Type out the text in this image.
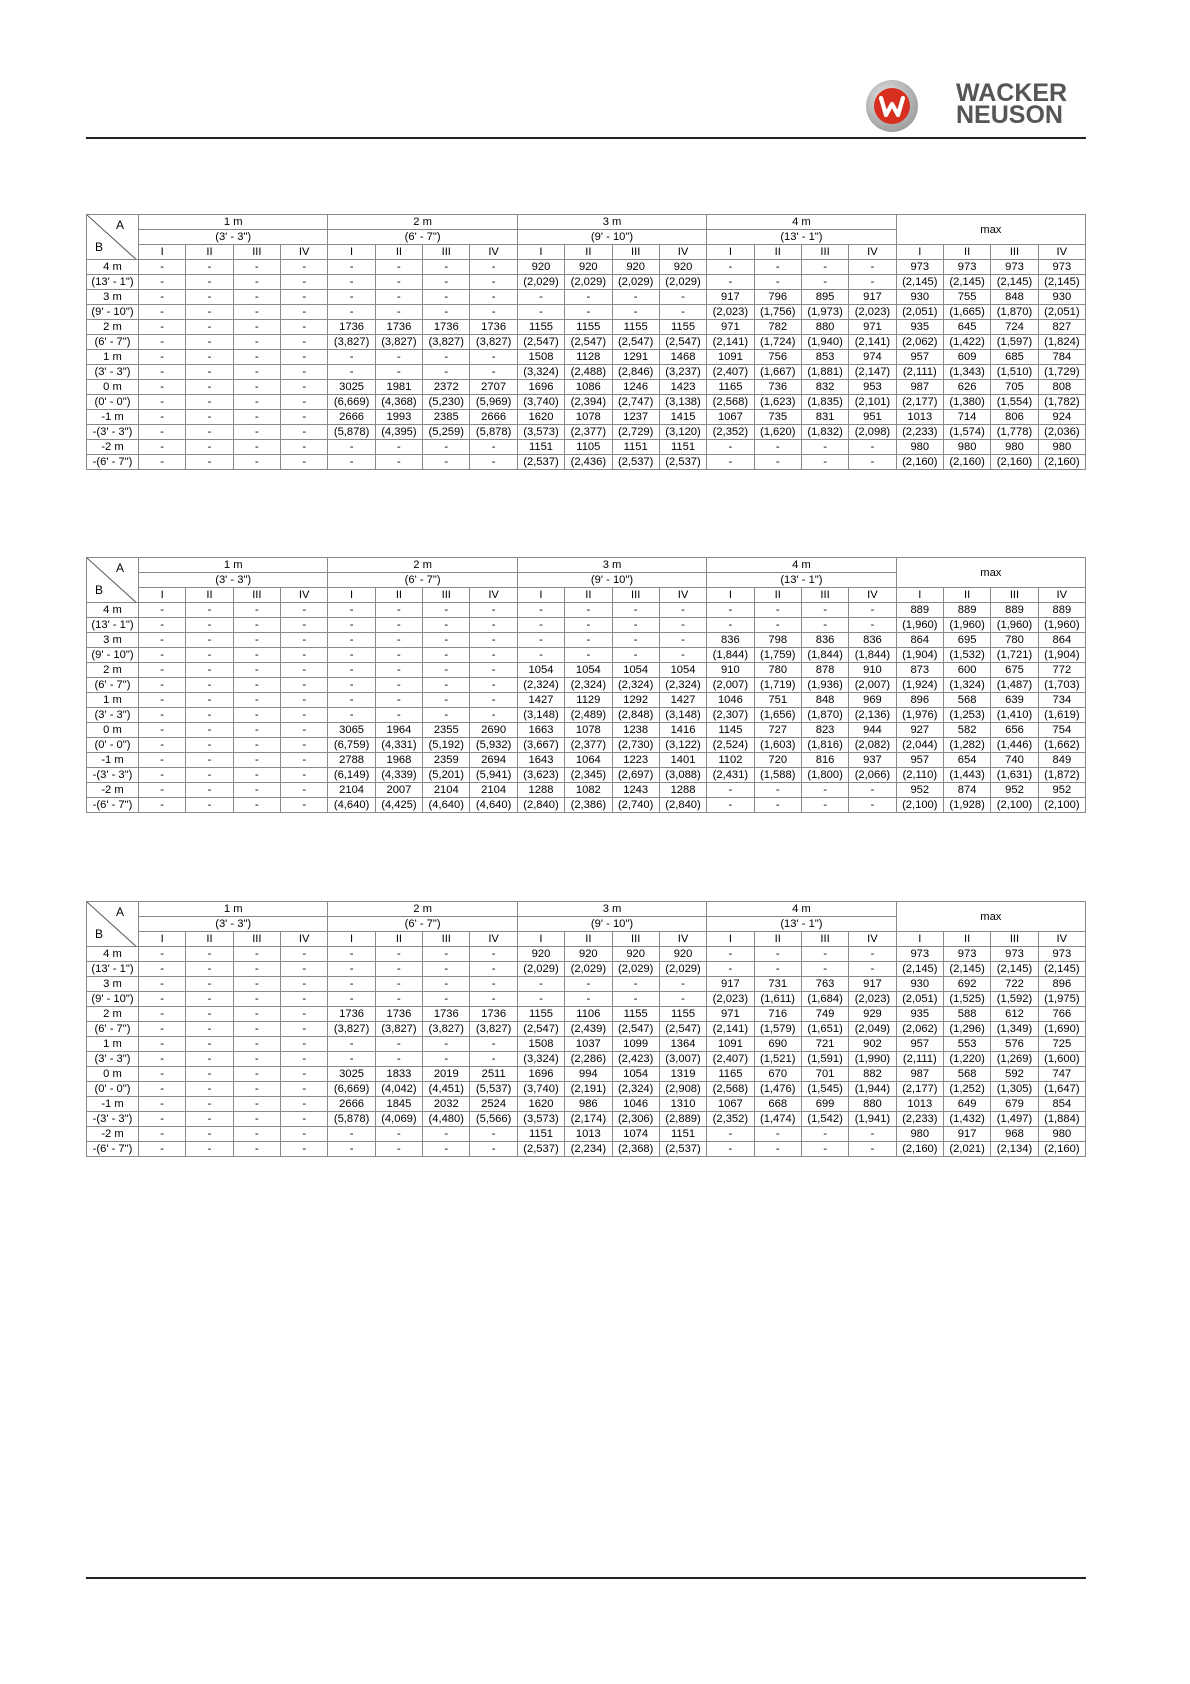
WACKER
NEUSON
A
B	1 m				2 m				3 m				4 m				max			
	(3' - 3")				(6' - 7")				(9' - 10")				(13' - 1")							
	I	II	III	IV	I	II	III	IV	I	II	III	IV	I	II	III	IV	I	II	III	IV
4 m	-	-	-	-	-	-	-	-	920	920	920	920	-	-	-	-	973	973	973	973
(13' - 1")	-	-	-	-	-	-	-	-	(2,029)	(2,029)	(2,029)	(2,029)	-	-	-	-	(2,145)	(2,145)	(2,145)	(2,145)
3 m	-	-	-	-	-	-	-	-	-	-	-	-	917	796	895	917	930	755	848	930
(9' - 10")	-	-	-	-	-	-	-	-	-	-	-	-	(2,023)	(1,756)	(1,973)	(2,023)	(2,051)	(1,665)	(1,870)	(2,051)
2 m	-	-	-	-	1736	1736	1736	1736	1155	1155	1155	1155	971	782	880	971	935	645	724	827
(6' - 7")	-	-	-	-	(3,827)	(3,827)	(3,827)	(3,827)	(2,547)	(2,547)	(2,547)	(2,547)	(2,141)	(1,724)	(1,940)	(2,141)	(2,062)	(1,422)	(1,597)	(1,824)
1 m	-	-	-	-	-	-	-	-	1508	1128	1291	1468	1091	756	853	974	957	609	685	784
(3' - 3")	-	-	-	-	-	-	-	-	(3,324)	(2,488)	(2,846)	(3,237)	(2,407)	(1,667)	(1,881)	(2,147)	(2,111)	(1,343)	(1,510)	(1,729)
0 m	-	-	-	-	3025	1981	2372	2707	1696	1086	1246	1423	1165	736	832	953	987	626	705	808
(0' - 0")	-	-	-	-	(6,669)	(4,368)	(5,230)	(5,969)	(3,740)	(2,394)	(2,747)	(3,138)	(2,568)	(1,623)	(1,835)	(2,101)	(2,177)	(1,380)	(1,554)	(1,782)
-1 m	-	-	-	-	2666	1993	2385	2666	1620	1078	1237	1415	1067	735	831	951	1013	714	806	924
-(3' - 3")	-	-	-	-	(5,878)	(4,395)	(5,259)	(5,878)	(3,573)	(2,377)	(2,729)	(3,120)	(2,352)	(1,620)	(1,832)	(2,098)	(2,233)	(1,574)	(1,778)	(2,036)
-2 m	-	-	-	-	-	-	-	-	1151	1105	1151	1151	-	-	-	-	980	980	980	980
-(6' - 7")	-	-	-	-	-	-	-	-	(2,537)	(2,436)	(2,537)	(2,537)	-	-	-	-	(2,160)	(2,160)	(2,160)	(2,160)
A
B	1 m				2 m				3 m				4 m				max			
	(3' - 3")				(6' - 7")				(9' - 10")				(13' - 1")							
	I	II	III	IV	I	II	III	IV	I	II	III	IV	I	II	III	IV	I	II	III	IV
4 m	-	-	-	-	-	-	-	-	-	-	-	-	-	-	-	-	889	889	889	889
(13' - 1")	-	-	-	-	-	-	-	-	-	-	-	-	-	-	-	-	(1,960)	(1,960)	(1,960)	(1,960)
3 m	-	-	-	-	-	-	-	-	-	-	-	-	836	798	836	836	864	695	780	864
(9' - 10")	-	-	-	-	-	-	-	-	-	-	-	-	(1,844)	(1,759)	(1,844)	(1,844)	(1,904)	(1,532)	(1,721)	(1,904)
2 m	-	-	-	-	-	-	-	-	1054	1054	1054	1054	910	780	878	910	873	600	675	772
(6' - 7")	-	-	-	-	-	-	-	-	(2,324)	(2,324)	(2,324)	(2,324)	(2,007)	(1,719)	(1,936)	(2,007)	(1,924)	(1,324)	(1,487)	(1,703)
1 m	-	-	-	-	-	-	-	-	1427	1129	1292	1427	1046	751	848	969	896	568	639	734
(3' - 3")	-	-	-	-	-	-	-	-	(3,148)	(2,489)	(2,848)	(3,148)	(2,307)	(1,656)	(1,870)	(2,136)	(1,976)	(1,253)	(1,410)	(1,619)
0 m	-	-	-	-	3065	1964	2355	2690	1663	1078	1238	1416	1145	727	823	944	927	582	656	754
(0' - 0")	-	-	-	-	(6,759)	(4,331)	(5,192)	(5,932)	(3,667)	(2,377)	(2,730)	(3,122)	(2,524)	(1,603)	(1,816)	(2,082)	(2,044)	(1,282)	(1,446)	(1,662)
-1 m	-	-	-	-	2788	1968	2359	2694	1643	1064	1223	1401	1102	720	816	937	957	654	740	849
-(3' - 3")	-	-	-	-	(6,149)	(4,339)	(5,201)	(5,941)	(3,623)	(2,345)	(2,697)	(3,088)	(2,431)	(1,588)	(1,800)	(2,066)	(2,110)	(1,443)	(1,631)	(1,872)
-2 m	-	-	-	-	2104	2007	2104	2104	1288	1082	1243	1288	-	-	-	-	952	874	952	952
-(6' - 7")	-	-	-	-	(4,640)	(4,425)	(4,640)	(4,640)	(2,840)	(2,386)	(2,740)	(2,840)	-	-	-	-	(2,100)	(1,928)	(2,100)	(2,100)
A
B	1 m				2 m				3 m				4 m				max			
	(3' - 3")				(6' - 7")				(9' - 10")				(13' - 1")							
	I	II	III	IV	I	II	III	IV	I	II	III	IV	I	II	III	IV	I	II	III	IV
4 m	-	-	-	-	-	-	-	-	920	920	920	920	-	-	-	-	973	973	973	973
(13' - 1")	-	-	-	-	-	-	-	-	(2,029)	(2,029)	(2,029)	(2,029)	-	-	-	-	(2,145)	(2,145)	(2,145)	(2,145)
3 m	-	-	-	-	-	-	-	-	-	-	-	-	917	731	763	917	930	692	722	896
(9' - 10")	-	-	-	-	-	-	-	-	-	-	-	-	(2,023)	(1,611)	(1,684)	(2,023)	(2,051)	(1,525)	(1,592)	(1,975)
2 m	-	-	-	-	1736	1736	1736	1736	1155	1106	1155	1155	971	716	749	929	935	588	612	766
(6' - 7")	-	-	-	-	(3,827)	(3,827)	(3,827)	(3,827)	(2,547)	(2,439)	(2,547)	(2,547)	(2,141)	(1,579)	(1,651)	(2,049)	(2,062)	(1,296)	(1,349)	(1,690)
1 m	-	-	-	-	-	-	-	-	1508	1037	1099	1364	1091	690	721	902	957	553	576	725
(3' - 3")	-	-	-	-	-	-	-	-	(3,324)	(2,286)	(2,423)	(3,007)	(2,407)	(1,521)	(1,591)	(1,990)	(2,111)	(1,220)	(1,269)	(1,600)
0 m	-	-	-	-	3025	1833	2019	2511	1696	994	1054	1319	1165	670	701	882	987	568	592	747
(0' - 0")	-	-	-	-	(6,669)	(4,042)	(4,451)	(5,537)	(3,740)	(2,191)	(2,324)	(2,908)	(2,568)	(1,476)	(1,545)	(1,944)	(2,177)	(1,252)	(1,305)	(1,647)
-1 m	-	-	-	-	2666	1845	2032	2524	1620	986	1046	1310	1067	668	699	880	1013	649	679	854
-(3' - 3")	-	-	-	-	(5,878)	(4,069)	(4,480)	(5,566)	(3,573)	(2,174)	(2,306)	(2,889)	(2,352)	(1,474)	(1,542)	(1,941)	(2,233)	(1,432)	(1,497)	(1,884)
-2 m	-	-	-	-	-	-	-	-	1151	1013	1074	1151	-	-	-	-	980	917	968	980
-(6' - 7")	-	-	-	-	-	-	-	-	(2,537)	(2,234)	(2,368)	(2,537)	-	-	-	-	(2,160)	(2,021)	(2,134)	(2,160)
